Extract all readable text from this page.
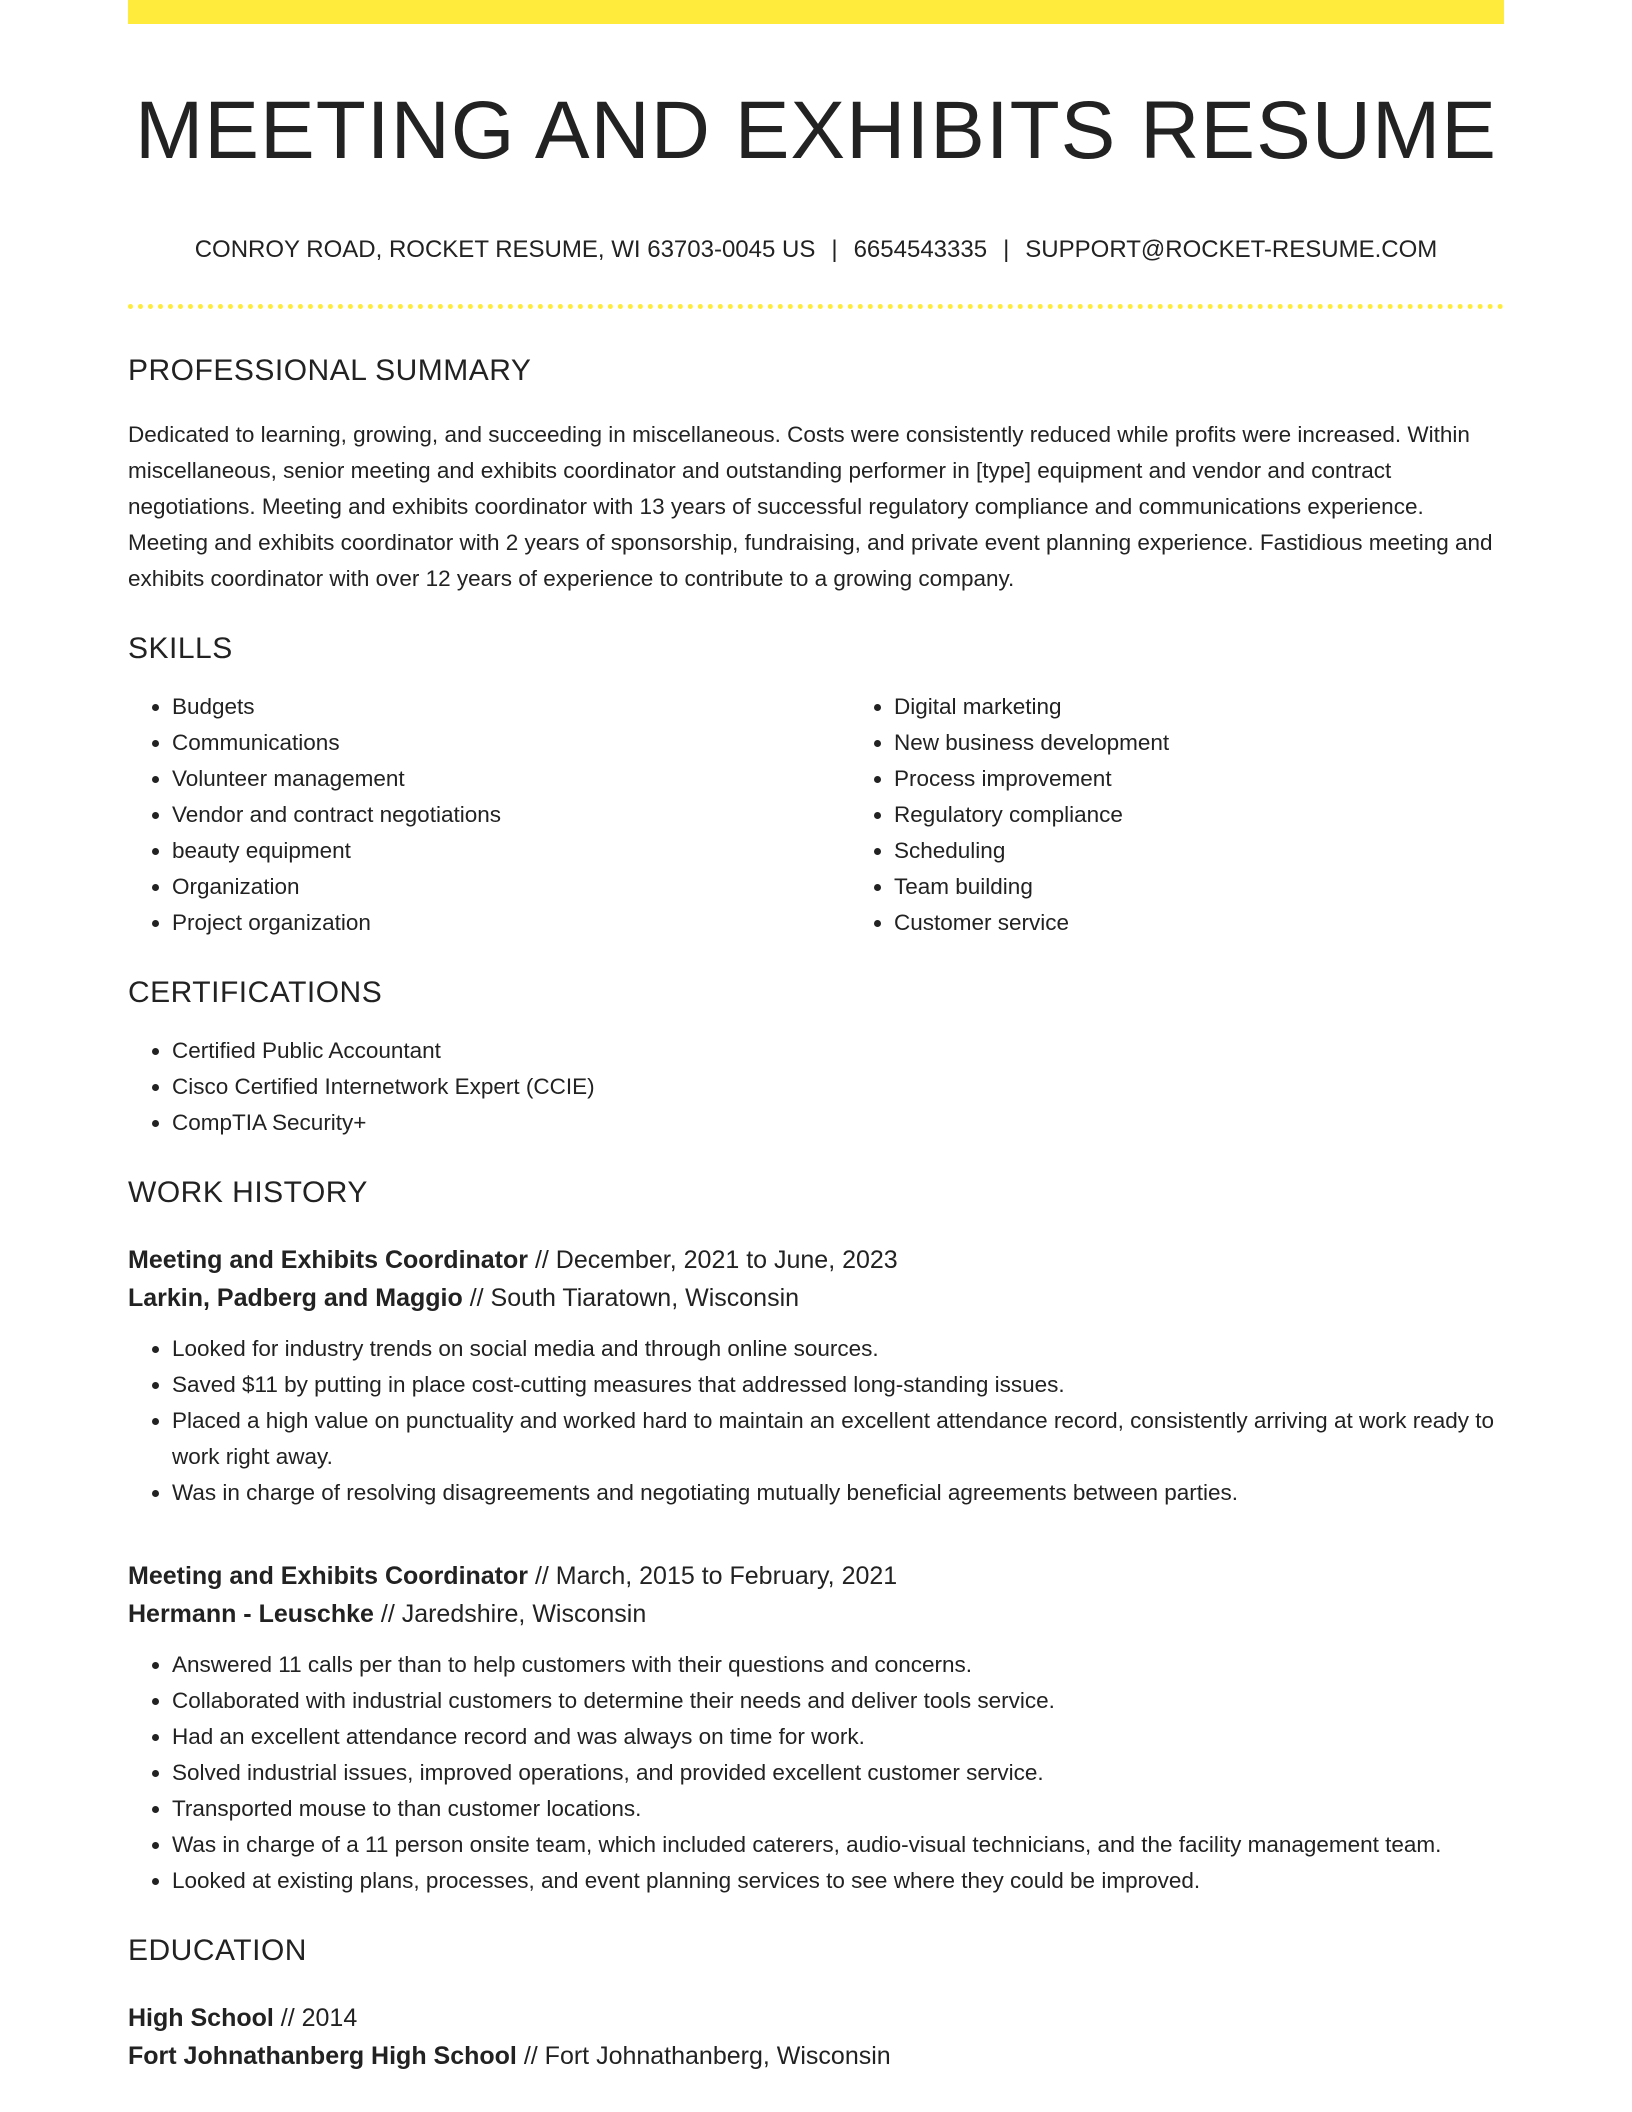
MEETING AND EXHIBITS RESUME
CONROY ROAD, ROCKET RESUME, WI 63703-0045 US | 6654543335 | SUPPORT@ROCKET-RESUME.COM
PROFESSIONAL SUMMARY

Dedicated to learning, growing, and succeeding in miscellaneous. Costs were consistently reduced while profits were increased. Within miscellaneous, senior meeting and exhibits coordinator and outstanding performer in [type] equipment and vendor and contract negotiations. Meeting and exhibits coordinator with 13 years of successful regulatory compliance and communications experience. Meeting and exhibits coordinator with 2 years of sponsorship, fundraising, and private event planning experience. Fastidious meeting and exhibits coordinator with over 12 years of experience to contribute to a growing company.

SKILLS
• Budgets
• Communications
• Volunteer management
• Vendor and contract negotiations
• beauty equipment
• Organization
• Project organization
• Digital marketing
• New business development
• Process improvement
• Regulatory compliance
• Scheduling
• Team building
• Customer service
CERTIFICATIONS
• Certified Public Accountant
• Cisco Certified Internetwork Expert (CCIE)
• CompTIA Security+
WORK HISTORY
Meeting and Exhibits Coordinator // December, 2021 to June, 2023
Larkin, Padberg and Maggio // South Tiaratown, Wisconsin
• Looked for industry trends on social media and through online sources.
• Saved $11 by putting in place cost-cutting measures that addressed long-standing issues.
• Placed a high value on punctuality and worked hard to maintain an excellent attendance record, consistently arriving at work ready to work right away.
• Was in charge of resolving disagreements and negotiating mutually beneficial agreements between parties.
Meeting and Exhibits Coordinator // March, 2015 to February, 2021
Hermann - Leuschke // Jaredshire, Wisconsin
• Answered 11 calls per than to help customers with their questions and concerns.
• Collaborated with industrial customers to determine their needs and deliver tools service.
• Had an excellent attendance record and was always on time for work.
• Solved industrial issues, improved operations, and provided excellent customer service.
• Transported mouse to than customer locations.
• Was in charge of a 11 person onsite team, which included caterers, audio-visual technicians, and the facility management team.
• Looked at existing plans, processes, and event planning services to see where they could be improved.
EDUCATION
High School // 2014
Fort Johnathanberg High School // Fort Johnathanberg, Wisconsin
